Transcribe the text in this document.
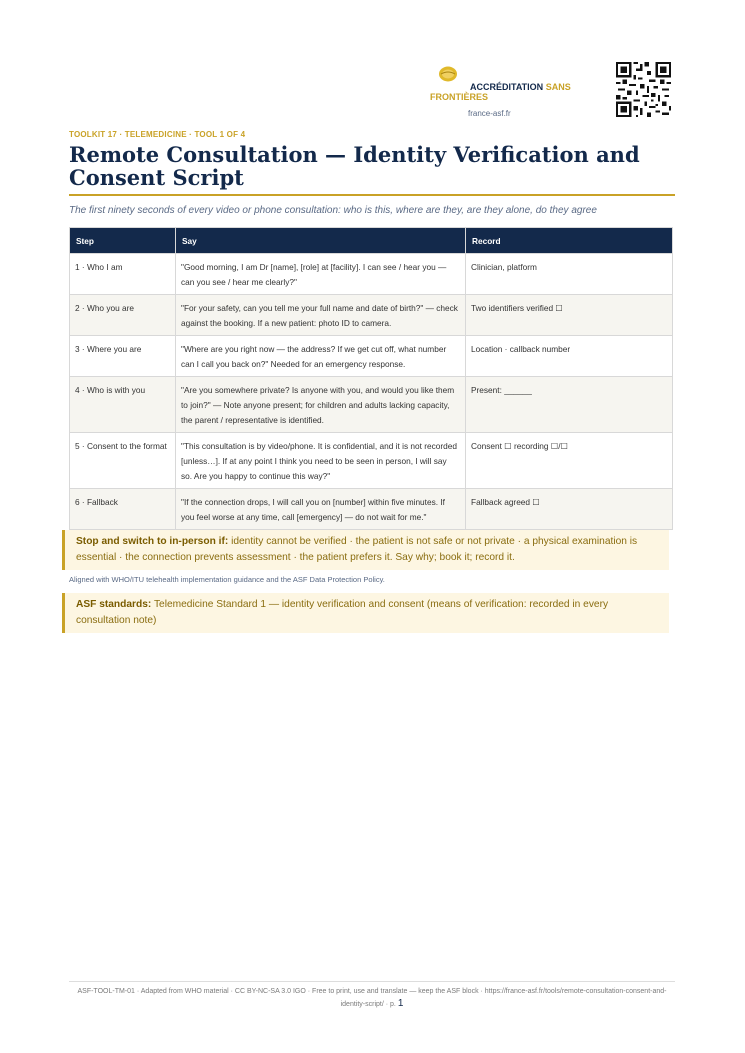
ACCRÉDITATION SANS FRONTIÈRES
france-asf.fr
TOOLKIT 17 · TELEMEDICINE · TOOL 1 OF 4
Remote Consultation — Identity Verification and Consent Script
The first ninety seconds of every video or phone consultation: who is this, where are they, are they alone, do they agree
Step	Say	Record
1 · Who I am	"Good morning, I am Dr [name], [role] at [facility]. I can see / hear you — can you see / hear me clearly?"	Clinician, platform
2 · Who you are	"For your safety, can you tell me your full name and date of birth?" — check against the booking. If a new patient: photo ID to camera.	Two identifiers verified ☐
3 · Where you are	"Where are you right now — the address? If we get cut off, what number can I call you back on?" Needed for an emergency response.	Location · callback number
4 · Who is with you	"Are you somewhere private? Is anyone with you, and would you like them to join?" — Note anyone present; for children and adults lacking capacity, the parent / representative is identified.	Present: ______
5 · Consent to the format	"This consultation is by video/phone. It is confidential, and it is not recorded [unless…]. If at any point I think you need to be seen in person, I will say so. Are you happy to continue this way?"	Consent ☐ recording ☐/☐
6 · Fallback	"If the connection drops, I will call you on [number] within five minutes. If you feel worse at any time, call [emergency] — do not wait for me."	Fallback agreed ☐
Stop and switch to in-person if: identity cannot be verified · the patient is not safe or not private · a physical examination is essential · the connection prevents assessment · the patient prefers it. Say why; book it; record it.
Aligned with WHO/ITU telehealth implementation guidance and the ASF Data Protection Policy.
ASF standards: Telemedicine Standard 1 — identity verification and consent (means of verification: recorded in every consultation note)
ASF-TOOL-TM-01 · Adapted from WHO material · CC BY-NC-SA 3.0 IGO · Free to print, use and translate — keep the ASF block · https://france-asf.fr/tools/remote-consultation-consent-and-identity-script/ · p. 1
